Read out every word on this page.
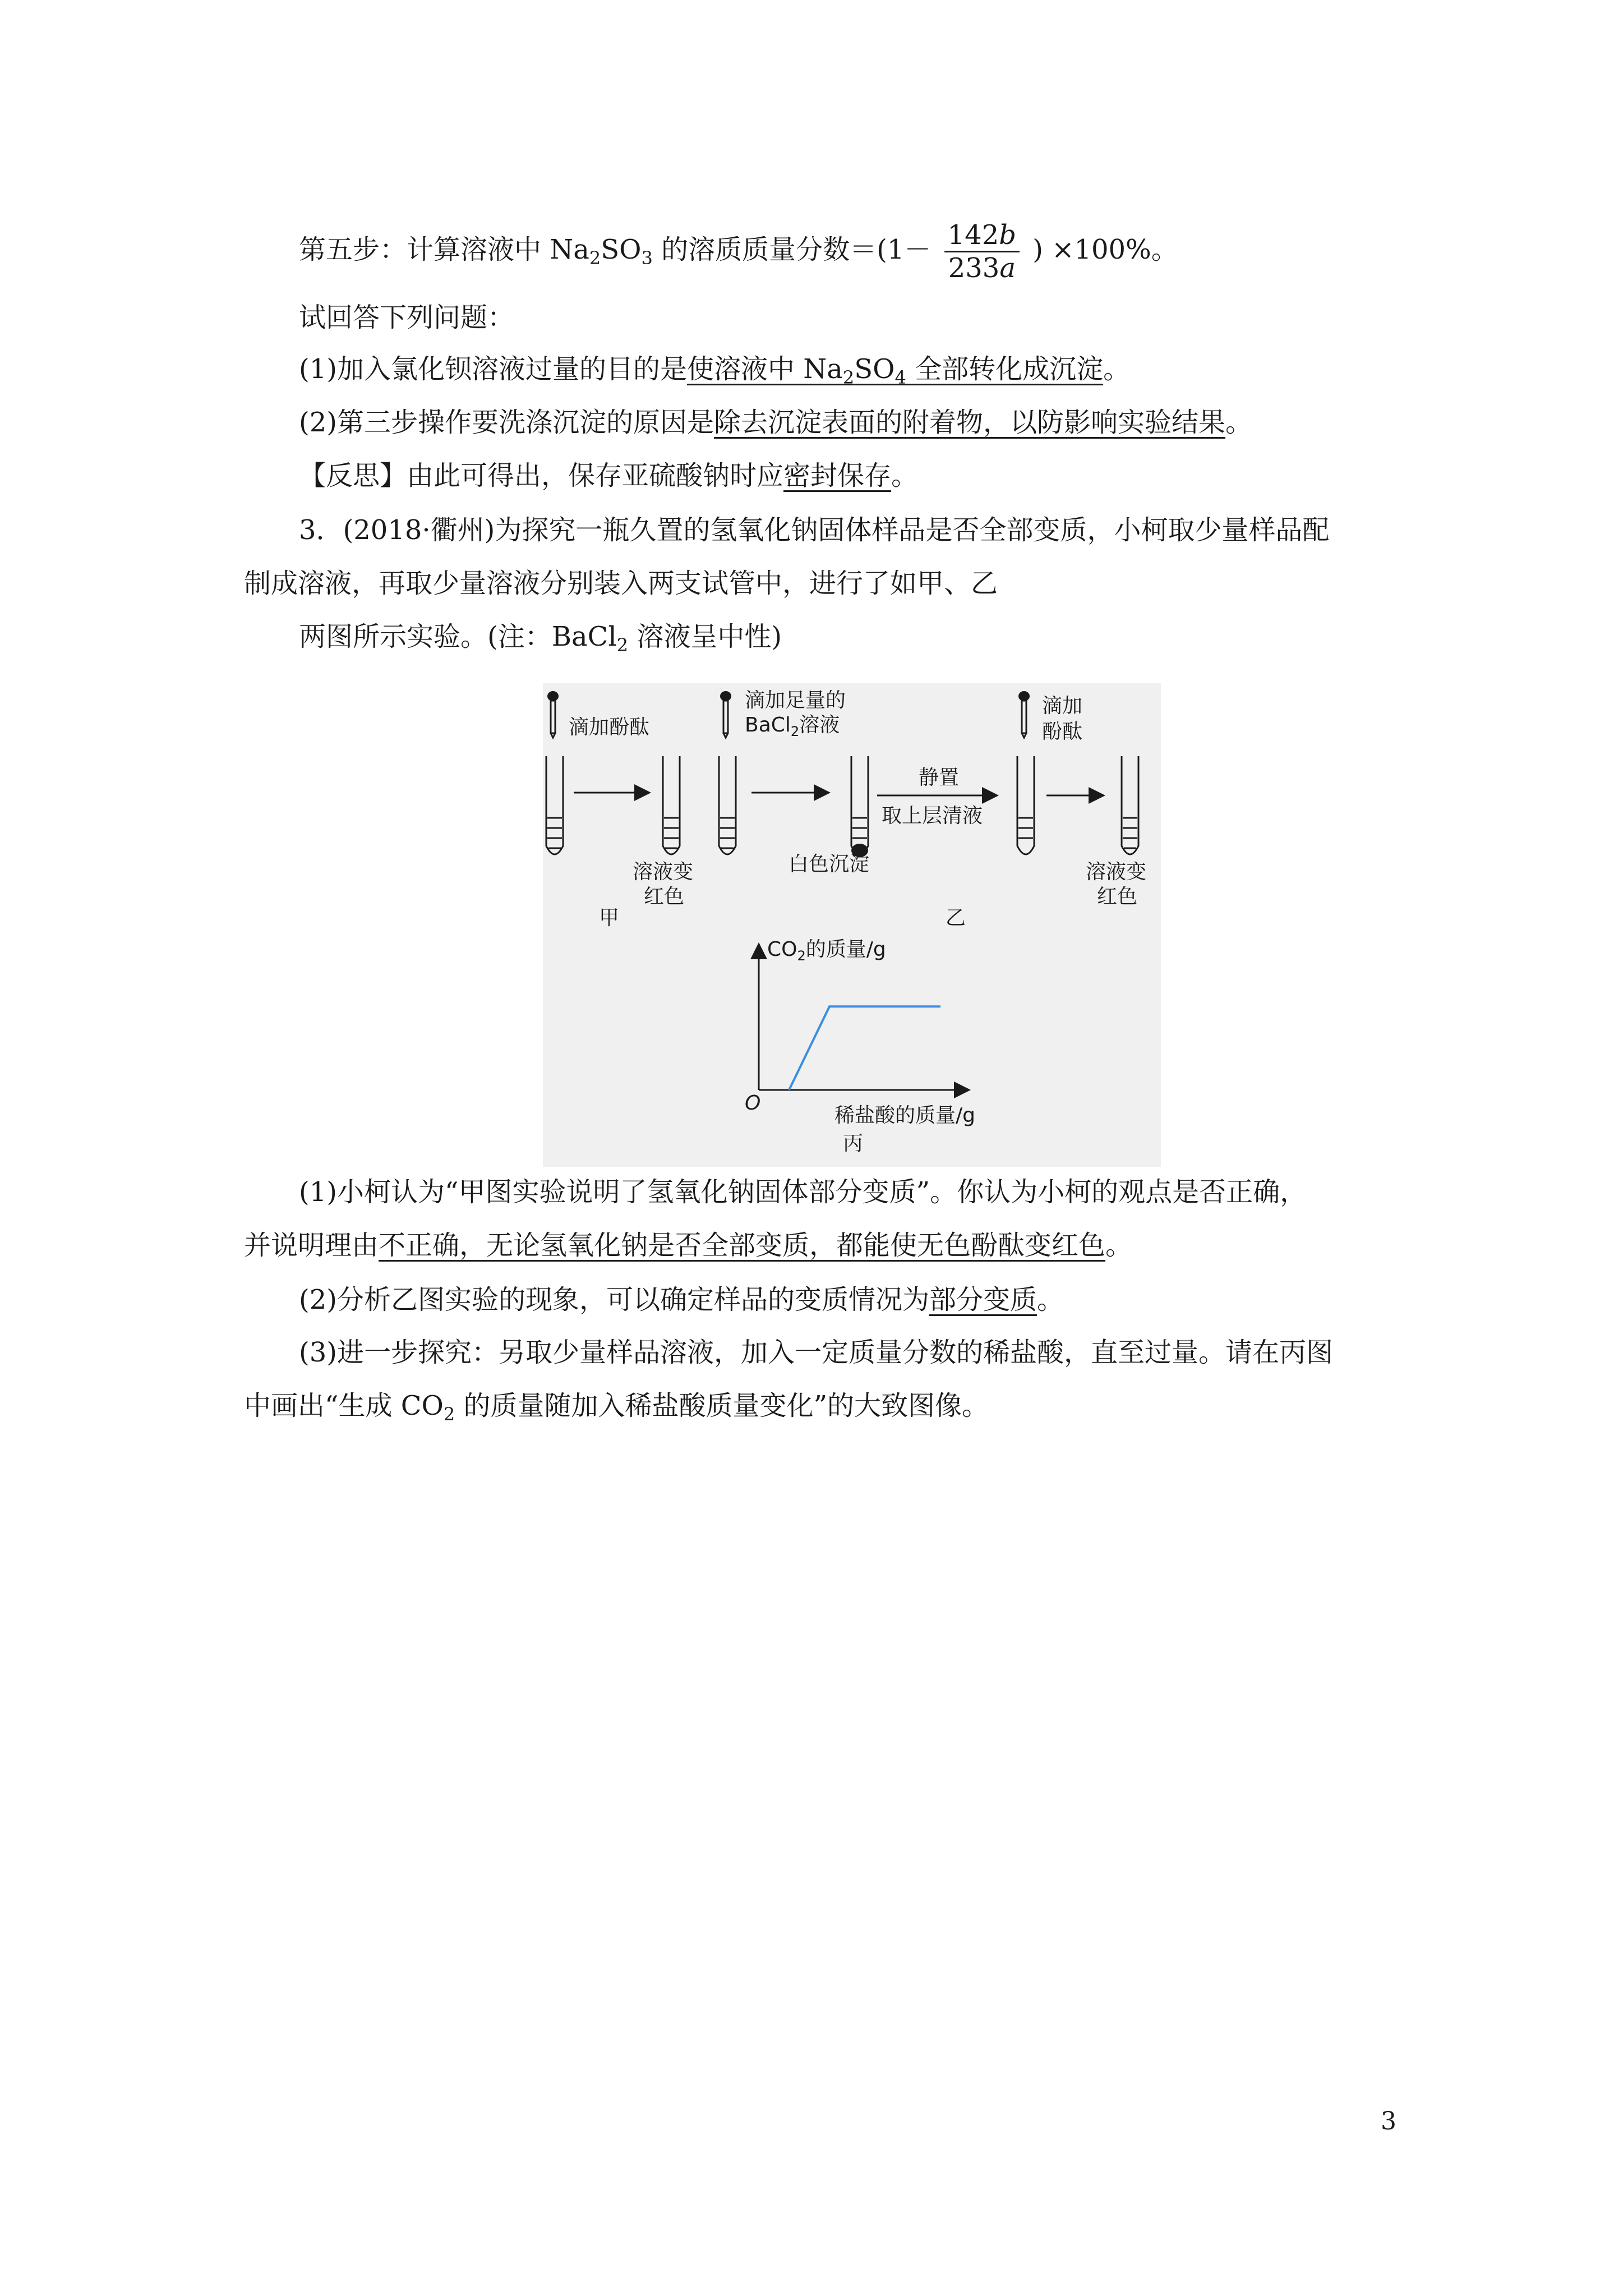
第五步：计算溶液中 $Na_2SO_3$ 的溶质质量分数$=(1- \frac{142b}{233a}$ ) ×100%。
试回答下列问题：
(1)加入氯化钡溶液过量的目的是使溶液中 $Na_2SO_4$ 全部转化成沉淀。
(2)第三步操作要洗涤沉淀的原因是除去沉淀表面的附着物，以防影响实验结果。
【反思】由此可得出，保存亚硫酸钠时应密封保存。
3．(2018·衢州)为探究一瓶久置的氢氧化钠固体样品是否全部变质，小柯取少量样品配
制成溶液，再取少量溶液分别装入两支试管中，进行了如甲、乙
两图所示实验。(注：BaCl$_2$ 溶液呈中性)
滴加酚酞
溶液变
红色
甲
滴加足量的
BaCl$_2$溶液
白色沉淀
静置
取上层清液
滴加
酚酞
溶液变
红色
乙
$CO_2$的质量/g
O
稀盐酸的质量/g
丙
(1)小柯认为“甲图实验说明了氢氧化钠固体部分变质”。你认为小柯的观点是否正确，
并说明理由不正确，无论氢氧化钠是否全部变质，都能使无色酚酞变红色。
(2)分析乙图实验的现象，可以确定样品的变质情况为部分变质。
(3)进一步探究：另取少量样品溶液，加入一定质量分数的稀盐酸，直至过量。请在丙图
中画出“生成 $CO_2$ 的质量随加入稀盐酸质量变化”的大致图像。
3
